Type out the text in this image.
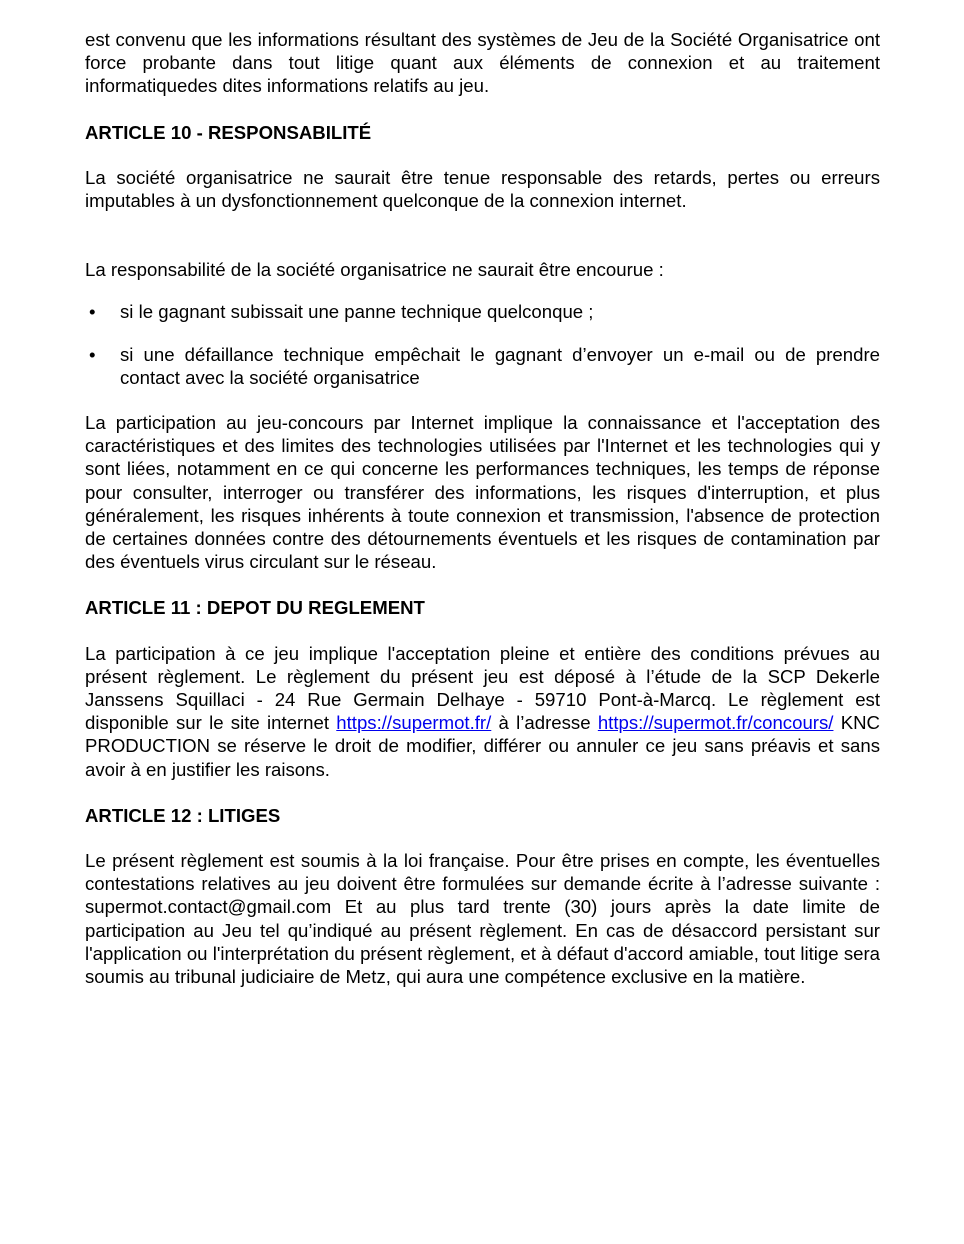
est convenu que les informations résultant des systèmes de Jeu de la Société Organisatrice ont force probante dans tout litige quant aux éléments de connexion et au traitement informatiquedes dites informations relatifs au jeu.

ARTICLE 10 - RESPONSABILITÉ

La société organisatrice ne saurait être tenue responsable des retards, pertes ou erreurs imputables à un dysfonctionnement quelconque de la connexion internet.

La responsabilité de la société organisatrice ne saurait être encourue :

• si le gagnant subissait une panne technique quelconque ;
• si une défaillance technique empêchait le gagnant d’envoyer un e-mail ou de prendre contact avec la société organisatrice

La participation au jeu-concours par Internet implique la connaissance et l'acceptation des caractéristiques et des limites des technologies utilisées par l'Internet et les technologies qui y sont liées, notamment en ce qui concerne les performances techniques, les temps de réponse pour consulter, interroger ou transférer des informations, les risques d'interruption, et plus généralement, les risques inhérents à toute connexion et transmission, l'absence de protection de certaines données contre des détournements éventuels et les risques de contamination par des éventuels virus circulant sur le réseau.

ARTICLE 11 : DEPOT DU REGLEMENT

La participation à ce jeu implique l'acceptation pleine et entière des conditions prévues au présent règlement. Le règlement du présent jeu est déposé à l’étude de la SCP Dekerle Janssens Squillaci - 24 Rue Germain Delhaye - 59710 Pont-à-Marcq. Le règlement est disponible sur le site internet https://supermot.fr/ à l’adresse https://supermot.fr/concours/ KNC PRODUCTION se réserve le droit de modifier, différer ou annuler ce jeu sans préavis et sans avoir à en justifier les raisons.

ARTICLE 12 : LITIGES

Le présent règlement est soumis à la loi française. Pour être prises en compte, les éventuelles contestations relatives au jeu doivent être formulées sur demande écrite à l’adresse suivante : supermot.contact@gmail.com Et au plus tard trente (30) jours après la date limite de participation au Jeu tel qu’indiqué au présent règlement. En cas de désaccord persistant sur l'application ou l'interprétation du présent règlement, et à défaut d'accord amiable, tout litige sera soumis au tribunal judiciaire de Metz, qui aura une compétence exclusive en la matière.
